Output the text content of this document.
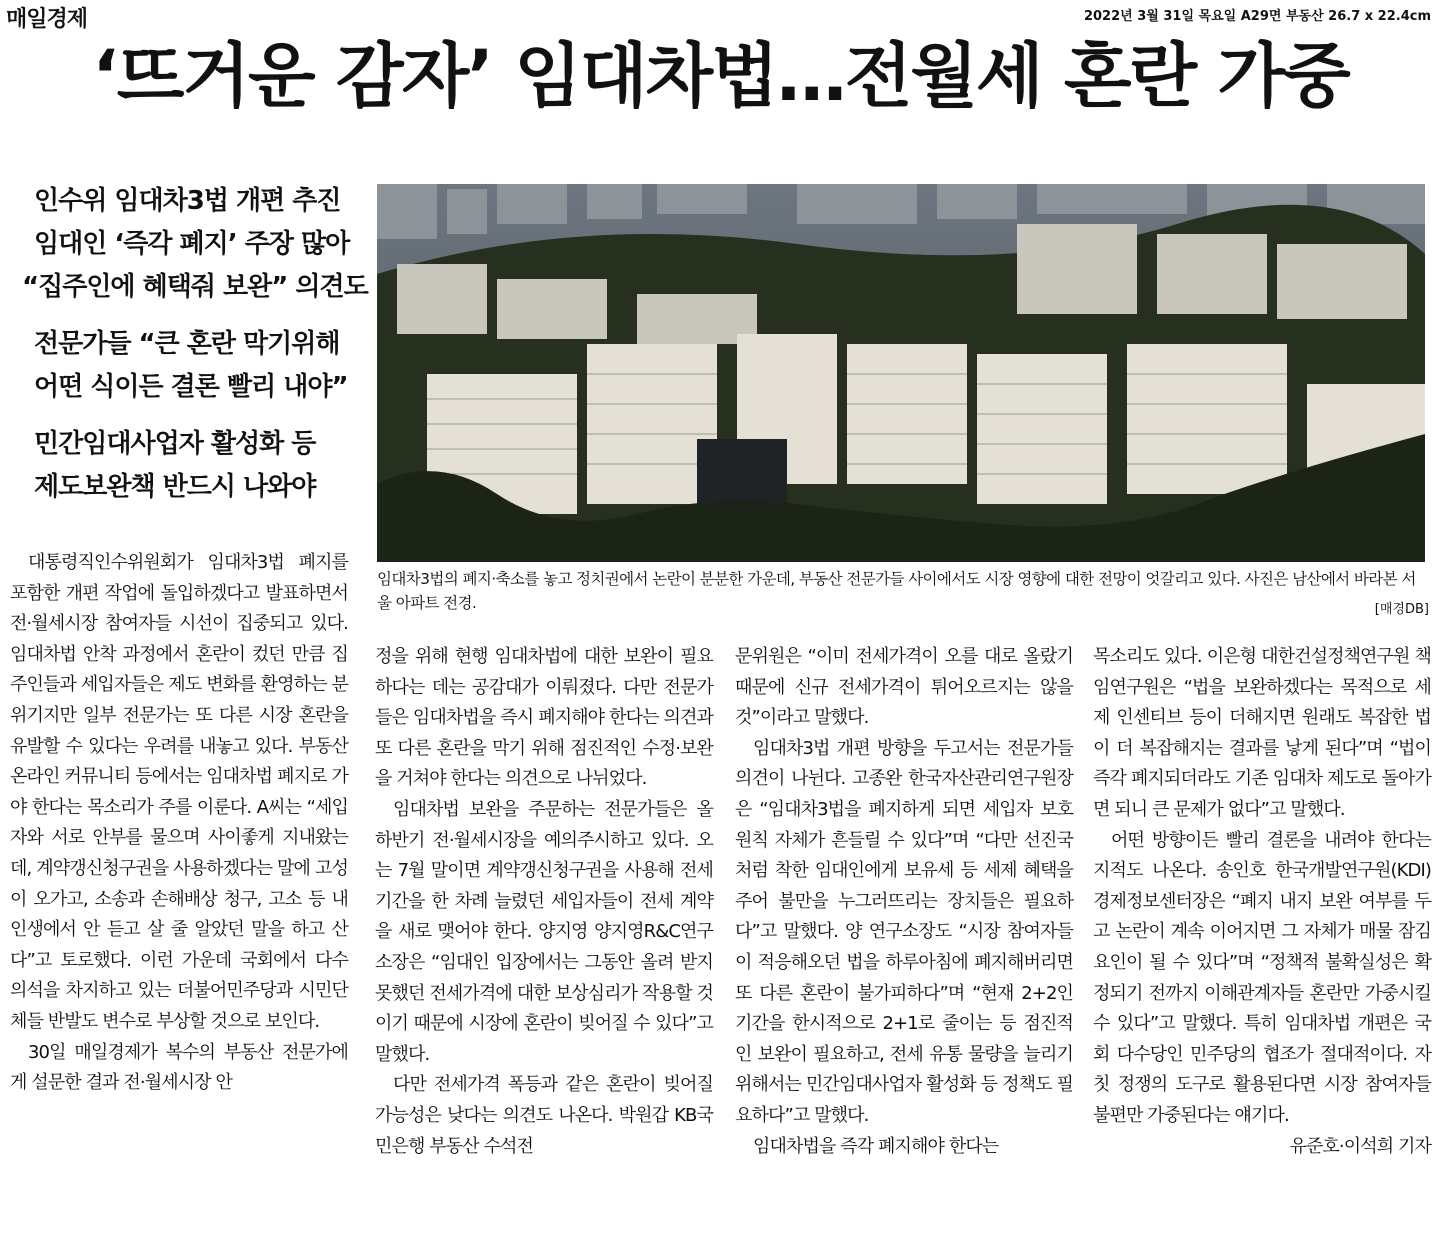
매일경제	2022년 3월 31일 목요일 A29면 부동산 26.7 x 22.4cm
‘뜨거운 감자’ 임대차법…전월세 혼란 가중
인수위 임대차3법 개편 추진
임대인 ‘즉각 폐지’ 주장 많아
“집주인에 혜택줘 보완” 의견도
전문가들 “큰 혼란 막기위해
어떤 식이든 결론 빨리 내야”
민간임대사업자 활성화 등
제도보완책 반드시 나와야
임대차3법의 폐지·축소를 놓고 정치권에서 논란이 분분한 가운데, 부동산 전문가들 사이에서도 시장 영향에 대한 전망이 엇갈리고 있다. 사진은 남산에서 바라본 서울 아파트 전경.	[매경DB]

대통령직인수위원회가 임대차3법 폐지를 포함한 개편 작업에 돌입하겠다고 발표하면서 전·월세시장 참여자들 시선이 집중되고 있다. 임대차법 안착 과정에서 혼란이 컸던 만큼 집주인들과 세입자들은 제도 변화를 환영하는 분위기지만 일부 전문가는 또 다른 시장 혼란을 유발할 수 있다는 우려를 내놓고 있다. 부동산 온라인 커뮤니티 등에서는 임대차법 폐지로 가야 한다는 목소리가 주를 이룬다. A씨는 “세입자와 서로 안부를 물으며 사이좋게 지내왔는데, 계약갱신청구권을 사용하겠다는 말에 고성이 오가고, 소송과 손해배상 청구, 고소 등 내 인생에서 안 듣고 살 줄 알았던 말을 하고 산다”고 토로했다. 이런 가운데 국회에서 다수 의석을 차지하고 있는 더불어민주당과 시민단체들 반발도 변수로 부상할 것으로 보인다.

30일 매일경제가 복수의 부동산 전문가에게 설문한 결과 전·월세시장 안

정을 위해 현행 임대차법에 대한 보완이 필요하다는 데는 공감대가 이뤄졌다. 다만 전문가들은 임대차법을 즉시 폐지해야 한다는 의견과 또 다른 혼란을 막기 위해 점진적인 수정·보완을 거쳐야 한다는 의견으로 나뉘었다.

임대차법 보완을 주문하는 전문가들은 올 하반기 전·월세시장을 예의주시하고 있다. 오는 7월 말이면 계약갱신청구권을 사용해 전세기간을 한 차례 늘렸던 세입자들이 전세 계약을 새로 맺어야 한다. 양지영 양지영R&C연구소장은 “임대인 입장에서는 그동안 올려 받지 못했던 전세가격에 대한 보상심리가 작용할 것이기 때문에 시장에 혼란이 빚어질 수 있다”고 말했다.

다만 전세가격 폭등과 같은 혼란이 빚어질 가능성은 낮다는 의견도 나온다. 박원갑 KB국민은행 부동산 수석전

문위원은 “이미 전세가격이 오를 대로 올랐기 때문에 신규 전세가격이 튀어오르지는 않을 것”이라고 말했다.

임대차3법 개편 방향을 두고서는 전문가들 의견이 나뉜다. 고종완 한국자산관리연구원장은 “임대차3법을 폐지하게 되면 세입자 보호 원칙 자체가 흔들릴 수 있다”며 “다만 선진국처럼 착한 임대인에게 보유세 등 세제 혜택을 주어 불만을 누그러뜨리는 장치들은 필요하다”고 말했다. 양 연구소장도 “시장 참여자들이 적응해오던 법을 하루아침에 폐지해버리면 또 다른 혼란이 불가피하다”며 “현재 2+2인 기간을 한시적으로 2+1로 줄이는 등 점진적인 보완이 필요하고, 전세 유통 물량을 늘리기 위해서는 민간임대사업자 활성화 등 정책도 필요하다”고 말했다.

임대차법을 즉각 폐지해야 한다는

목소리도 있다. 이은형 대한건설정책연구원 책임연구원은 “법을 보완하겠다는 목적으로 세제 인센티브 등이 더해지면 원래도 복잡한 법이 더 복잡해지는 결과를 낳게 된다”며 “법이 즉각 폐지되더라도 기존 임대차 제도로 돌아가면 되니 큰 문제가 없다”고 말했다.

어떤 방향이든 빨리 결론을 내려야 한다는 지적도 나온다. 송인호 한국개발연구원(KDI) 경제정보센터장은 “폐지 내지 보완 여부를 두고 논란이 계속 이어지면 그 자체가 매물 잠김 요인이 될 수 있다”며 “정책적 불확실성은 확정되기 전까지 이해관계자들 혼란만 가중시킬 수 있다”고 말했다. 특히 임대차법 개편은 국회 다수당인 민주당의 협조가 절대적이다. 자칫 정쟁의 도구로 활용된다면 시장 참여자들 불편만 가중된다는 얘기다.
유준호·이석희 기자
